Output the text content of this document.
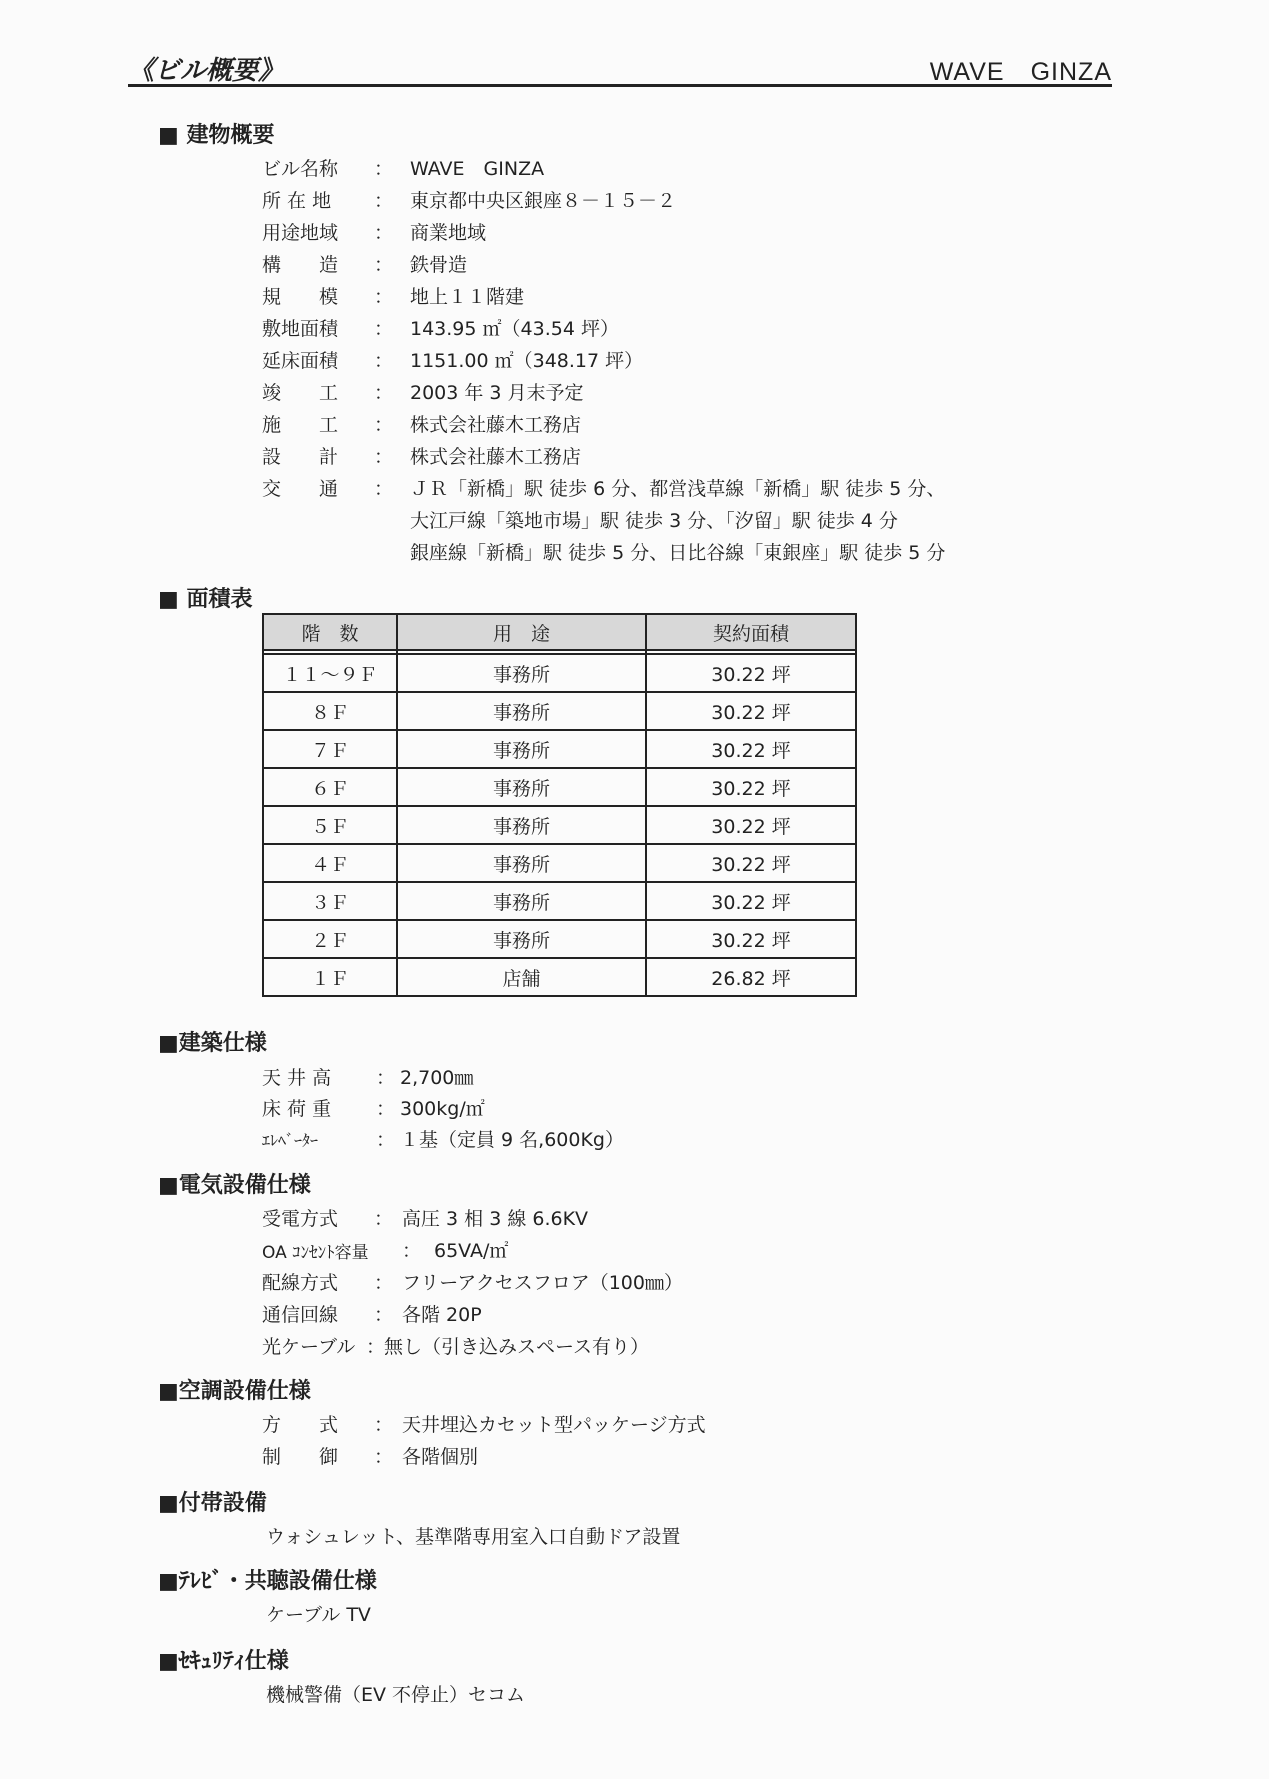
《ビル概要》	WAVE　GINZA
■ 建物概要
ビル名称 ： WAVE　GINZA
所 在 地 ： 東京都中央区銀座８－１５－２
用途地域 ： 商業地域
構　　造 ： 鉄骨造
規　　模 ： 地上１１階建
敷地面積 ： 143.95 ㎡（43.54 坪）
延床面積 ： 1151.00 ㎡（348.17 坪）
竣　　工 ： 2003 年 3 月末予定
施　　工 ： 株式会社藤木工務店
設　　計 ： 株式会社藤木工務店
交　　通 ： ＪＲ「新橋」駅 徒歩 6 分、都営浅草線「新橋」駅 徒歩 5 分、
大江戸線「築地市場」駅 徒歩 3 分、「汐留」駅 徒歩 4 分
銀座線「新橋」駅 徒歩 5 分、日比谷線「東銀座」駅 徒歩 5 分
■ 面積表
階　数	用　途	契約面積

１１～９Ｆ	事務所	30.22 坪
８Ｆ	事務所	30.22 坪
７Ｆ	事務所	30.22 坪
６Ｆ	事務所	30.22 坪
５Ｆ	事務所	30.22 坪
４Ｆ	事務所	30.22 坪
３Ｆ	事務所	30.22 坪
２Ｆ	事務所	30.22 坪
１Ｆ	店舗	26.82 坪
■建築仕様
天 井 高 ： 2,700㎜
床 荷 重 ： 300kg/㎡
ｴﾚﾍﾞｰﾀｰ	： １基（定員 9 名,600Kg）
■電気設備仕様
受電方式 ： 高圧 3 相 3 線 6.6KV
OA ｺﾝｾﾝﾄ容量 ： 65VA/㎡
配線方式 ： フリーアクセスフロア（100㎜）
通信回線 ： 各階 20P
光ケーブル ：
無し（引き込みスペース有り）
■空調設備仕様
方　　式 ： 天井埋込カセット型パッケージ方式
制　　御 ： 各階個別
■付帯設備
ウォシュレット、基準階専用室入口自動ドア設置
■ﾃﾚﾋﾞ・共聴設備仕様
ケーブル TV
■ｾｷｭﾘﾃｨ仕様
機械警備（EV 不停止）セコム
